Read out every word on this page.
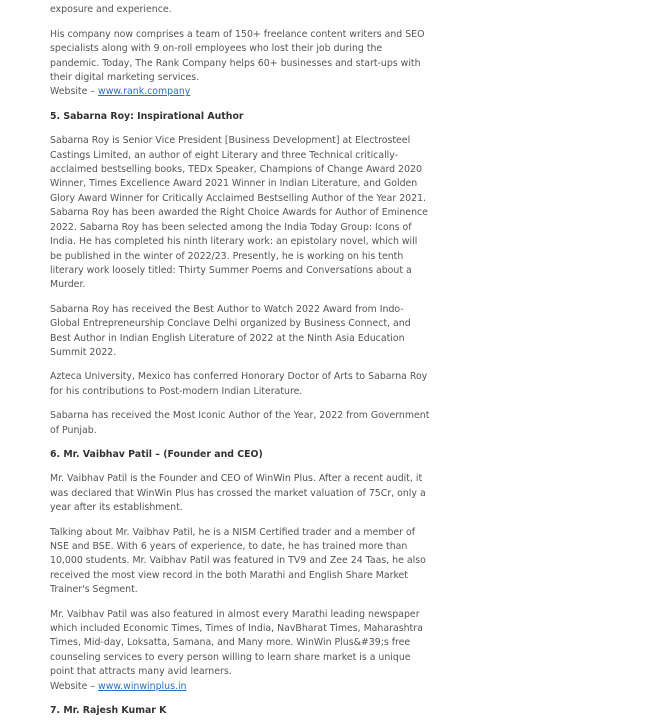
exposure and experience.

His company now comprises a team of 150+ freelance content writers and SEO specialists along with 9 on-roll employees who lost their job during the pandemic. Today, The Rank Company helps 60+ businesses and start-ups with their digital marketing services.
Website – www.rank.company

5. Sabarna Roy: Inspirational Author

Sabarna Roy is Senior Vice President [Business Development] at Electrosteel Castings Limited, an author of eight Literary and three Technical critically-acclaimed bestselling books, TEDx Speaker, Champions of Change Award 2020 Winner, Times Excellence Award 2021 Winner in Indian Literature, and Golden Glory Award Winner for Critically Acclaimed Bestselling Author of the Year 2021. Sabarna Roy has been awarded the Right Choice Awards for Author of Eminence 2022. Sabarna Roy has been selected among the India Today Group: Icons of India. He has completed his ninth literary work: an epistolary novel, which will be published in the winter of 2022/23. Presently, he is working on his tenth literary work loosely titled: Thirty Summer Poems and Conversations about a Murder.

Sabarna Roy has received the Best Author to Watch 2022 Award from Indo-Global Entrepreneurship Conclave Delhi organized by Business Connect, and Best Author in Indian English Literature of 2022 at the Ninth Asia Education Summit 2022.

Azteca University, Mexico has conferred Honorary Doctor of Arts to Sabarna Roy for his contributions to Post-modern Indian Literature.

Sabarna has received the Most Iconic Author of the Year, 2022 from Government of Punjab.

6. Mr. Vaibhav Patil – (Founder and CEO)

Mr. Vaibhav Patil is the Founder and CEO of WinWin Plus. After a recent audit, it was declared that WinWin Plus has crossed the market valuation of 75Cr, only a year after its establishment.

Talking about Mr. Vaibhav Patil, he is a NISM Certified trader and a member of NSE and BSE. With 6 years of experience, to date, he has trained more than 10,000 students. Mr. Vaibhav Patil was featured in TV9 and Zee 24 Taas, he also received the most view record in the both Marathi and English Share Market Trainer's Segment.

Mr. Vaibhav Patil was also featured in almost every Marathi leading newspaper which included Economic Times, Times of India, NavBharat Times, Maharashtra Times, Mid-day, Loksatta, Samana, and Many more. WinWin Plus&#39;s free counseling services to every person willing to learn share market is a unique point that attracts many avid learners.
Website – www.winwinplus.in

7. Mr. Rajesh Kumar K
